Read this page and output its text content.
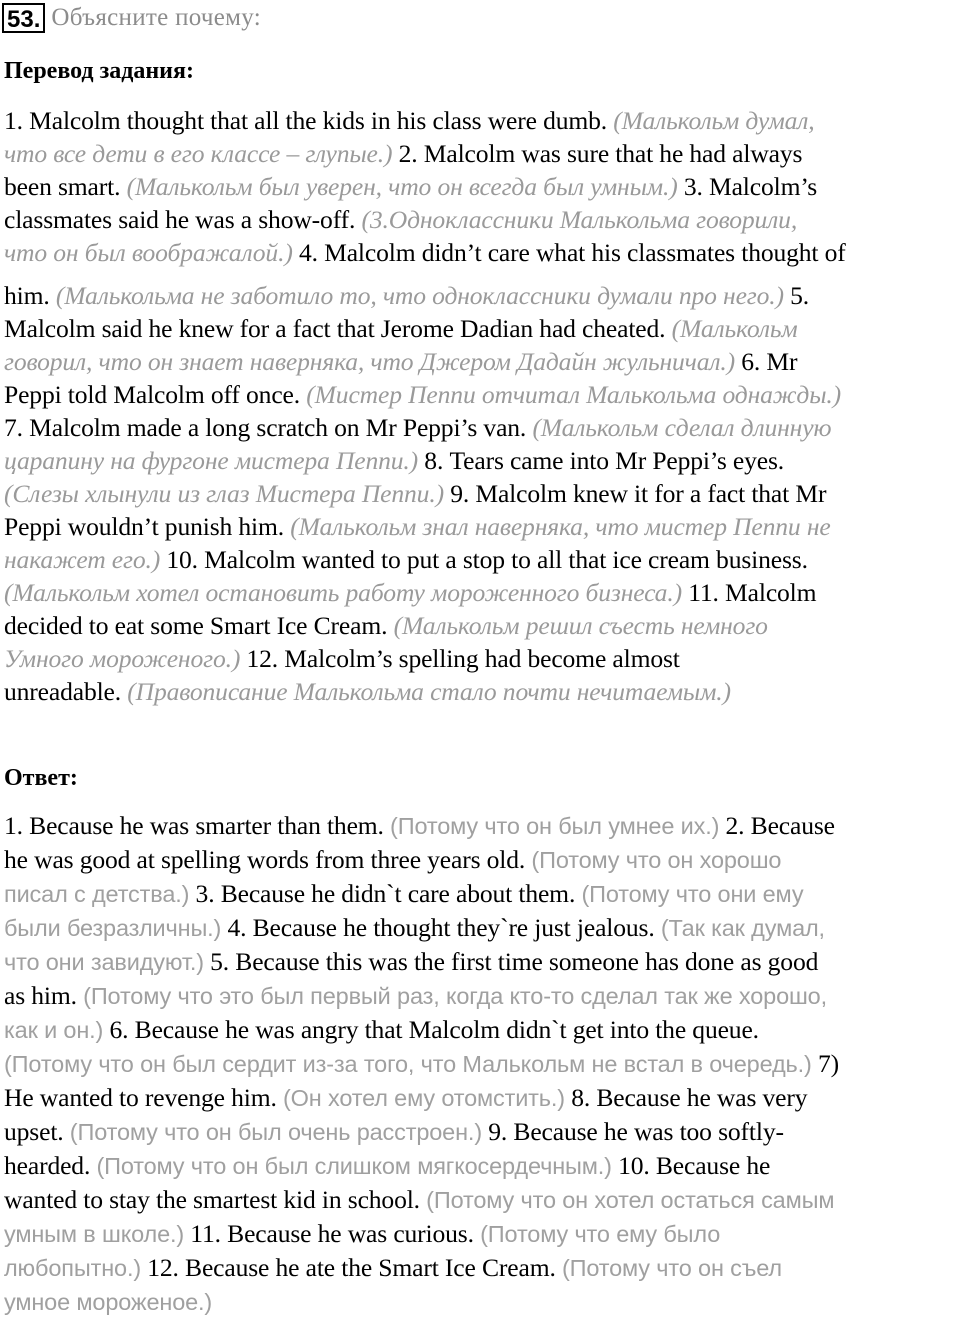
53. Объясните почему:
Перевод задания:
1. Malcolm thought that all the kids in his class were dumb. (Малькольм думал,
что все дети в его классе – глупые.) 2. Malcolm was sure that he had always
been smart. (Малькольм был уверен, что он всегда был умным.) 3. Malcolm’s
classmates said he was a show-off. (3.Одноклассники Малькольма говорили,
что он был воображалой.) 4. Malcolm didn’t care what his classmates thought of
him. (Малькольма не заботило то, что одноклассники думали про него.) 5.
Malcolm said he knew for a fact that Jerome Dadian had cheated. (Малькольм
говорил, что он знает наверняка, что Джером Дадайн жульничал.) 6. Mr
Peppi told Malcolm off once. (Мистер Пеппи отчитал Малькольма однажды.)
7. Malcolm made a long scratch on Mr Peppi’s van. (Малькольм сделал длинную
царапину на фургоне мистера Пеппи.) 8. Tears came into Mr Peppi’s eyes.
(Слезы хлынули из глаз Мистера Пеппи.) 9. Malcolm knew it for a fact that Mr
Peppi wouldn’t punish him. (Малькольм знал наверняка, что мистер Пеппи не
накажет его.) 10. Malcolm wanted to put a stop to all that ice cream business.
(Малькольм хотел остановить работу мороженного бизнеса.) 11. Malcolm
decided to eat some Smart Ice Cream. (Малькольм решил съесть немного
Умного мороженого.) 12. Malcolm’s spelling had become almost
unreadable. (Правописание Малькольма стало почти нечитаемым.)
Ответ:
1. Because he was smarter than them. (Потому что он был умнее их.) 2. Because
he was good at spelling words from three years old. (Потому что он хорошо
писал с детства.) 3. Because he didn`t care about them. (Потому что они ему
были безразличны.) 4. Because he thought they`re just jealous. (Так как думал,
что они завидуют.) 5. Because this was the first time someone has done as good
as him. (Потому что это был первый раз, когда кто-то сделал так же хорошо,
как и он.) 6. Because he was angry that Malcolm didn`t get into the queue.
(Потому что он был сердит из-за того, что Малькольм не встал в очередь.) 7)
He wanted to revenge him. (Он хотел ему отомстить.) 8. Because he was very
upset. (Потому что он был очень расстроен.) 9. Because he was too softly-
hearded. (Потому что он был слишком мягкосердечным.) 10. Because he
wanted to stay the smartest kid in school. (Потому что он хотел остаться самым
умным в школе.) 11. Because he was curious. (Потому что ему было
любопытно.) 12. Because he ate the Smart Ice Cream. (Потому что он съел
умное мороженое.)
